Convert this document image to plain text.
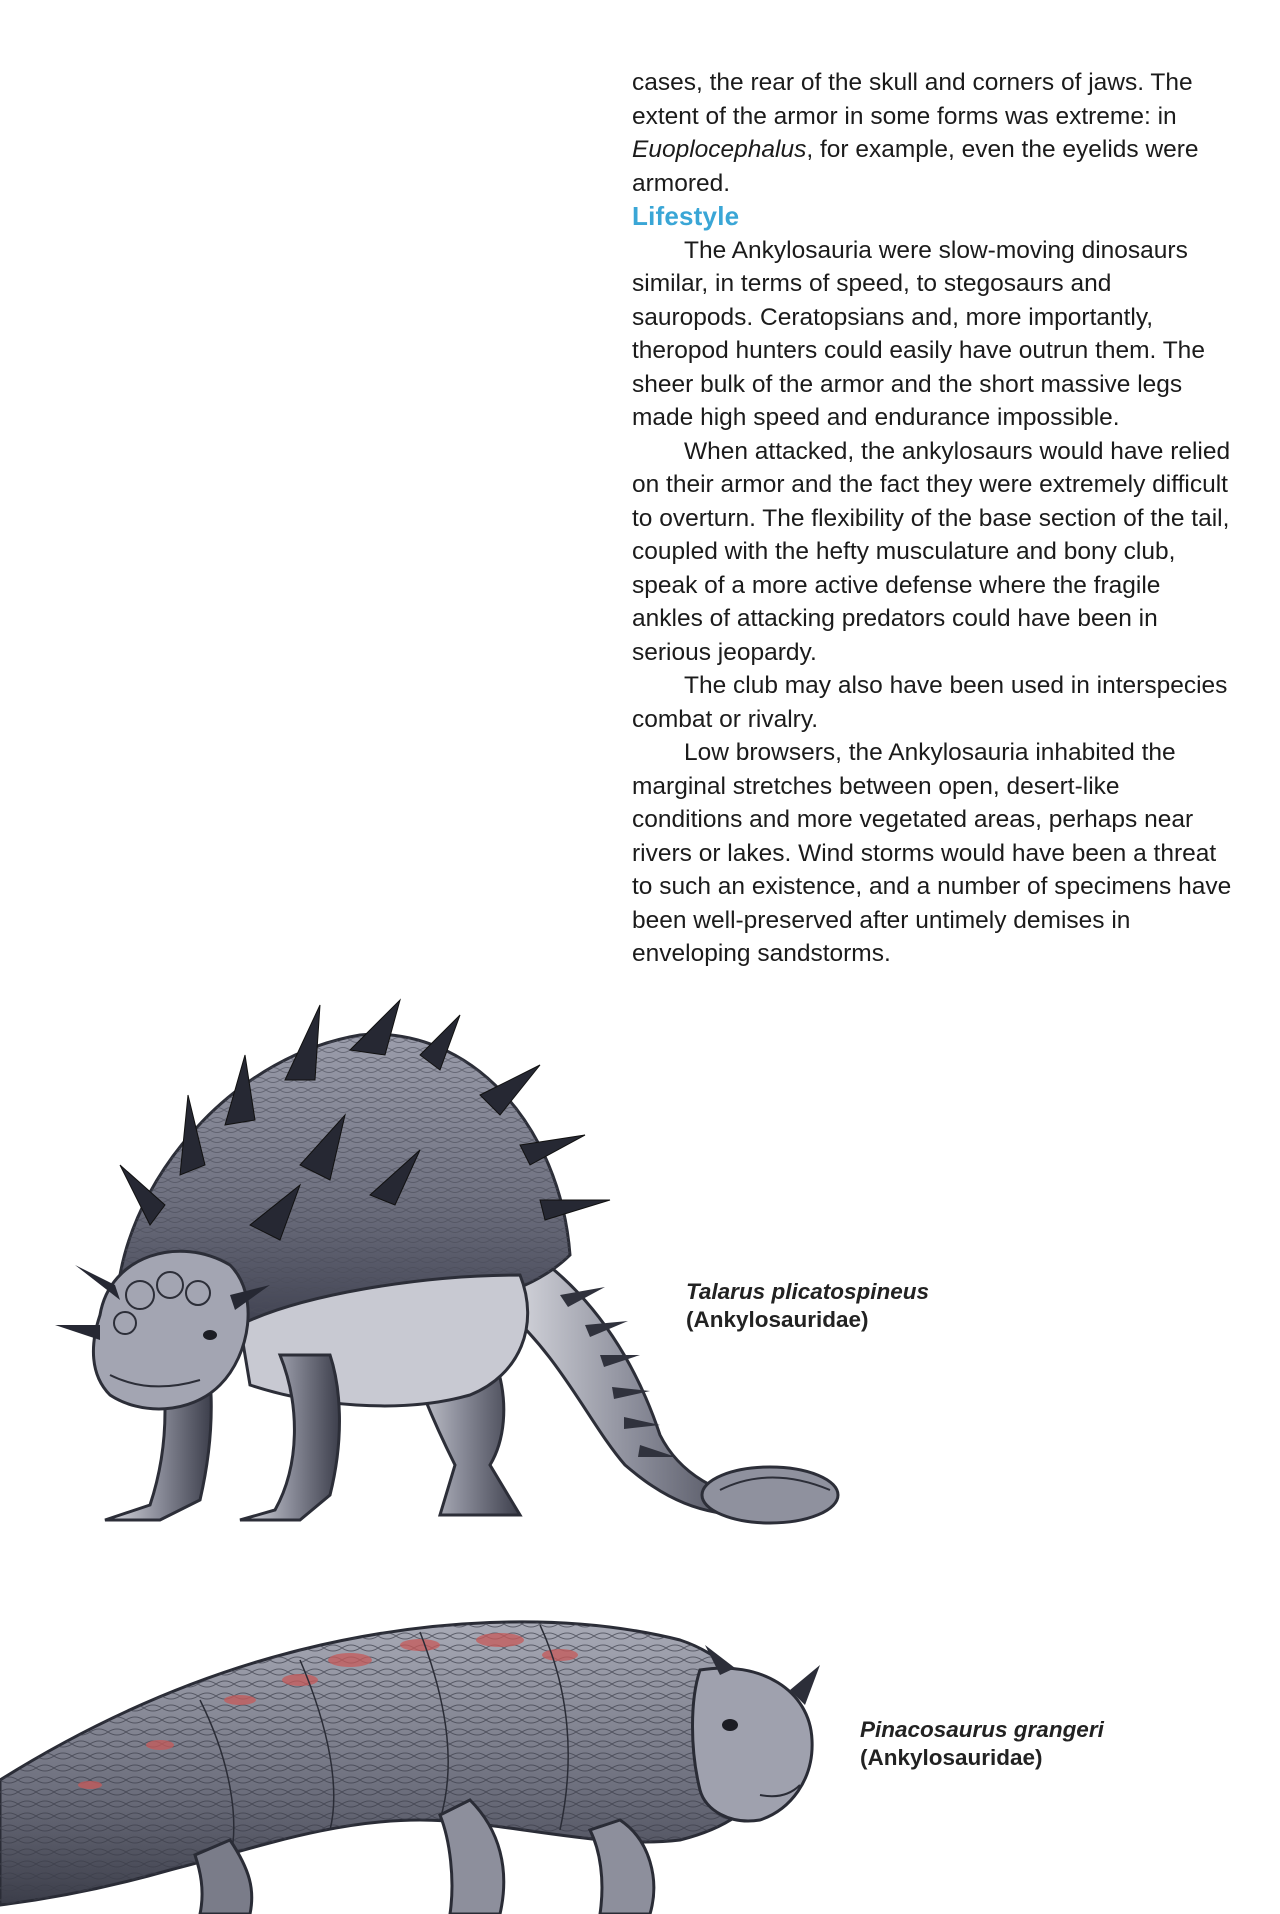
cases, the rear of the skull and corners of jaws. The extent of the armor in some forms was extreme: in Euoplocephalus, for example, even the eyelids were armored.

Lifestyle

The Ankylosauria were slow-moving dinosaurs similar, in terms of speed, to stegosaurs and sauropods. Ceratopsians and, more importantly, theropod hunters could easily have outrun them. The sheer bulk of the armor and the short massive legs made high speed and endurance impossible.

When attacked, the ankylosaurs would have relied on their armor and the fact they were extremely difficult to overturn. The flexibility of the base section of the tail, coupled with the hefty musculature and bony club, speak of a more active defense where the fragile ankles of attacking predators could have been in serious jeopardy.

The club may also have been used in interspecies combat or rivalry.

Low browsers, the Ankylosauria inhabited the marginal stretches between open, desert-like conditions and more vegetated areas, perhaps near rivers or lakes. Wind storms would have been a threat to such an existence, and a number of specimens have been well-preserved after untimely demises in enveloping sandstorms.

Talarus plicatospineus
(Ankylosauridae)
Pinacosaurus grangeri
(Ankylosauridae)
